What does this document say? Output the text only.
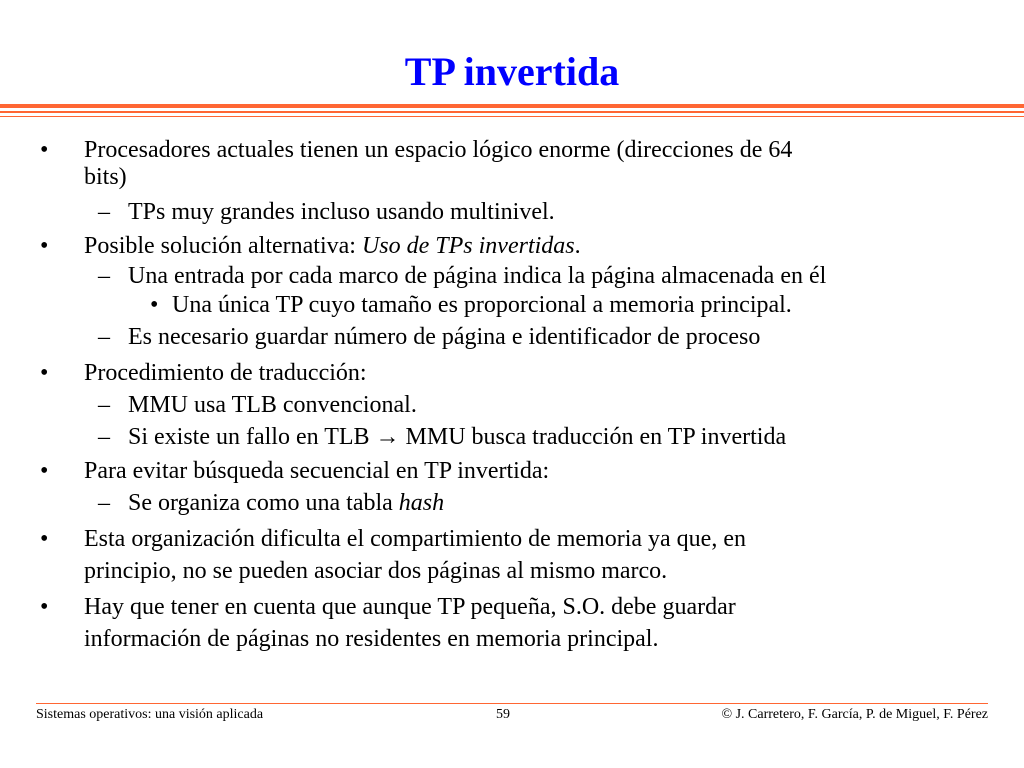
TP invertida
• Procesadores actuales tienen un espacio lógico enorme (direcciones de 64
bits)
– TPs muy grandes incluso usando multinivel.
• Posible solución alternativa: Uso de TPs invertidas.
– Una entrada por cada marco de página indica la página almacenada en él
• Una única TP cuyo tamaño es proporcional a memoria principal.
– Es necesario guardar número de página e identificador de proceso
• Procedimiento de traducción:
– MMU usa TLB convencional.
– Si existe un fallo en TLB → MMU busca traducción en TP invertida
• Para evitar búsqueda secuencial en TP invertida:
– Se organiza como una tabla hash
• Esta organización dificulta el compartimiento de memoria ya que, en
principio, no se pueden asociar dos páginas al mismo marco.
• Hay que tener en cuenta que aunque TP pequeña, S.O. debe guardar
información de páginas no residentes en memoria principal.
Sistemas operativos: una visión aplicada	59	© J. Carretero, F. García, P. de Miguel, F. Pérez
